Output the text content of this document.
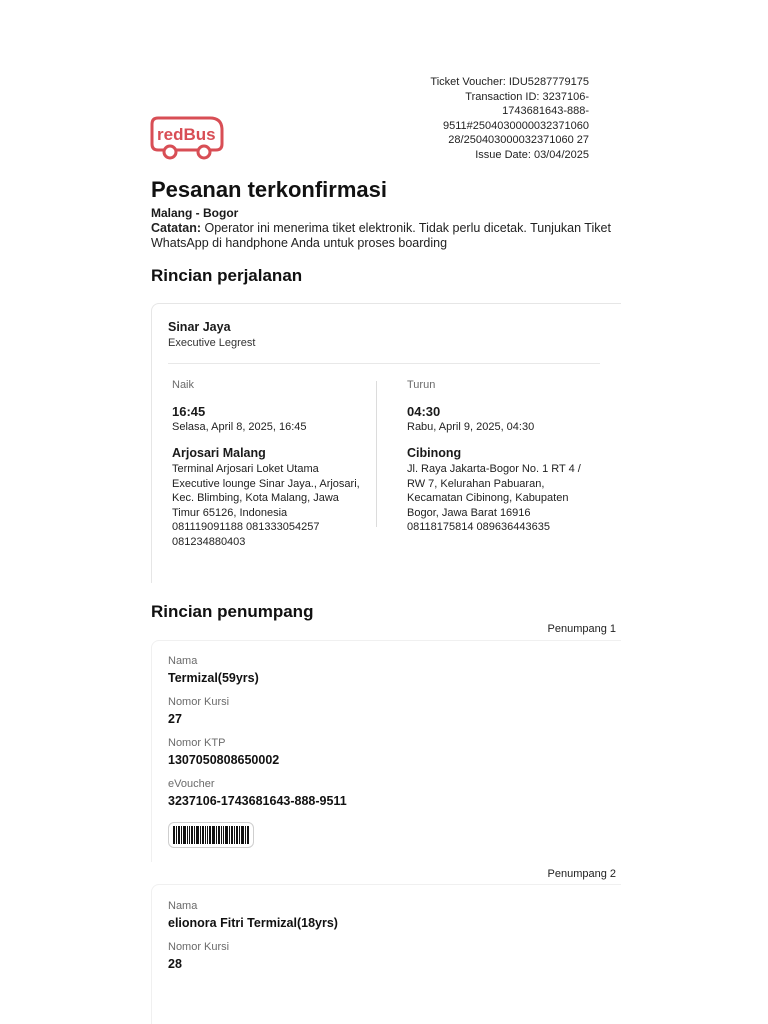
Ticket Voucher: IDU5287779175
Transaction ID: 3237106-
1743681643-888-
9511#2504030000032371060
28/250403000032371060 27
Issue Date: 03/04/2025
redBus
Pesanan terkonfirmasi
Malang - Bogor
Catatan: Operator ini menerima tiket elektronik. Tidak perlu dicetak. Tunjukan Tiket WhatsApp di handphone Anda untuk proses boarding
Rincian perjalanan
Sinar Jaya
Executive Legrest
Naik
16:45
Selasa, April 8, 2025, 16:45
Arjosari Malang
Terminal Arjosari Loket Utama Executive lounge Sinar Jaya., Arjosari, Kec. Blimbing, Kota Malang, Jawa Timur 65126, Indonesia
081119091188 081333054257 081234880403
Turun
04:30
Rabu, April 9, 2025, 04:30
Cibinong
Jl. Raya Jakarta-Bogor No. 1 RT 4 / RW 7, Kelurahan Pabuaran, Kecamatan Cibinong, Kabupaten Bogor, Jawa Barat 16916
08118175814 089636443635
Rincian penumpang
Penumpang 1
Nama
Termizal(59yrs)
Nomor Kursi
27
Nomor KTP
1307050808650002
eVoucher
3237106-1743681643-888-9511
Penumpang 2
Nama
elionora Fitri Termizal(18yrs)
Nomor Kursi
28
